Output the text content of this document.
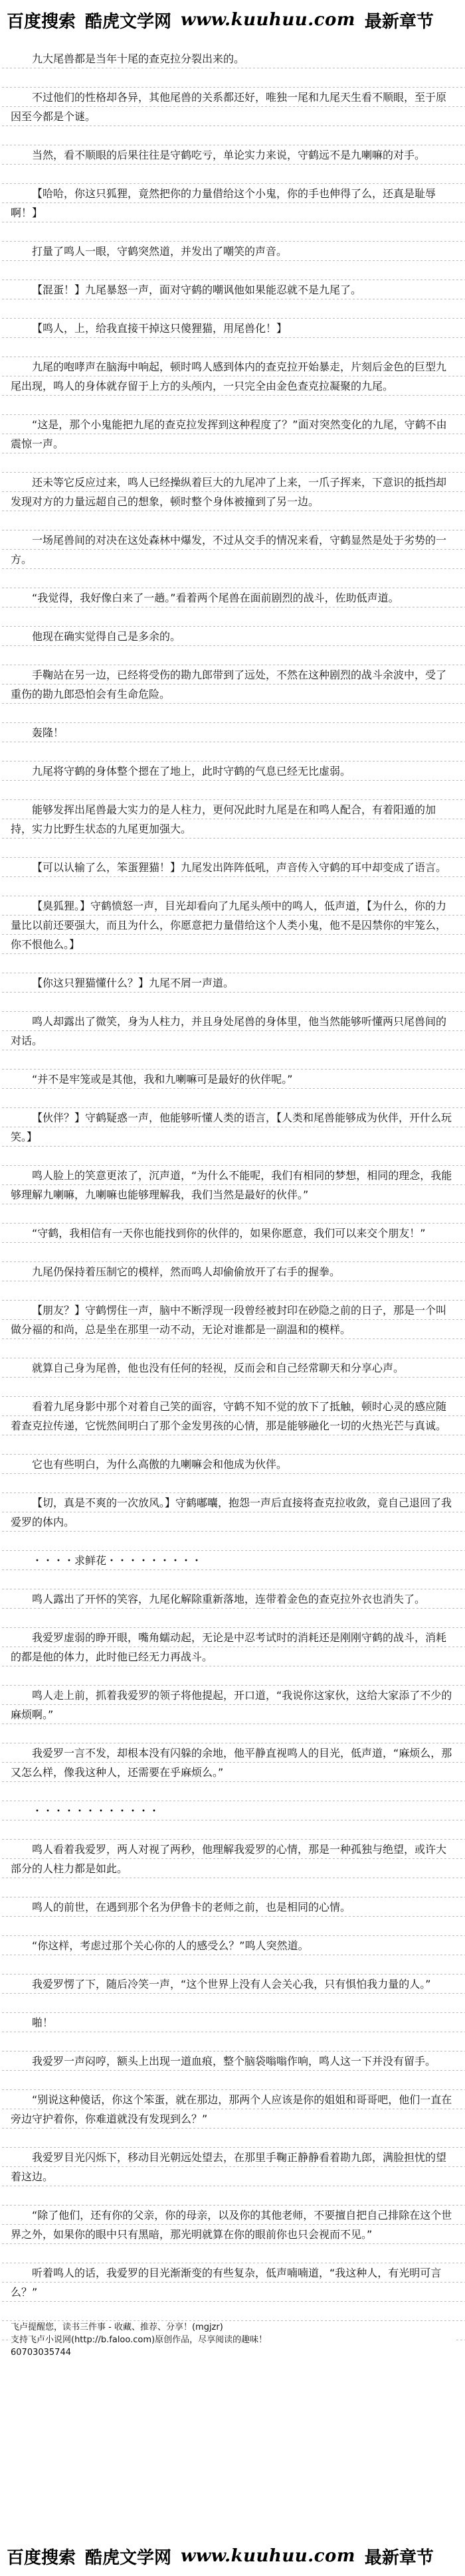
百度搜索 酷虎文学网 www.kuuhuu.com 最新章节

九大尾兽都是当年十尾的查克拉分裂出来的。

不过他们的性格却各异，其他尾兽的关系都还好，唯独一尾和九尾天生看不顺眼，至于原因至今都是个谜。

当然，看不顺眼的后果往往是守鹤吃亏，单论实力来说，守鹤远不是九喇嘛的对手。

【哈哈，你这只狐狸，竟然把你的力量借给这个小鬼，你的手也伸得了么，还真是耻辱啊！】

打量了鸣人一眼，守鹤突然道，并发出了嘲笑的声音。

【混蛋！】九尾暴怒一声，面对守鹤的嘲讽他如果能忍就不是九尾了。

【鸣人，上，给我直接干掉这只傻狸猫，用尾兽化！】

九尾的咆哮声在脑海中响起，顿时鸣人感到体内的查克拉开始暴走，片刻后金色的巨型九尾出现，鸣人的身体就存留于上方的头颅内，一只完全由金色查克拉凝聚的九尾。

“这是，那个小鬼能把九尾的查克拉发挥到这种程度了？”面对突然变化的九尾，守鹤不由震惊一声。

还未等它反应过来，鸣人已经操纵着巨大的九尾冲了上来，一爪子挥来，下意识的抵挡却发现对方的力量远超自己的想象，顿时整个身体被撞到了另一边。

一场尾兽间的对决在这处森林中爆发，不过从交手的情况来看，守鹤显然是处于劣势的一方。

“我觉得，我好像白来了一趟。”看着两个尾兽在面前剧烈的战斗，佐助低声道。

他现在确实觉得自己是多余的。

手鞠站在另一边，已经将受伤的勘九郎带到了远处，不然在这种剧烈的战斗余波中，受了重伤的勘九郎恐怕会有生命危险。

轰隆！

九尾将守鹤的身体整个摁在了地上，此时守鹤的气息已经无比虚弱。

能够发挥出尾兽最大实力的是人柱力，更何况此时九尾是在和鸣人配合，有着阳遁的加持，实力比野生状态的九尾更加强大。

【可以认输了么，笨蛋狸猫！】九尾发出阵阵低吼，声音传入守鹤的耳中却变成了语言。

【臭狐狸。】守鹤愤怒一声，目光却看向了九尾头颅中的鸣人，低声道，【为什么，你的力量比以前还要强大，而且为什么，你愿意把力量借给这个人类小鬼，他不是囚禁你的牢笼么，你不恨他么。】

【你这只狸猫懂什么？】九尾不屑一声道。

鸣人却露出了微笑，身为人柱力，并且身处尾兽的身体里，他当然能够听懂两只尾兽间的对话。

“并不是牢笼或是其他，我和九喇嘛可是最好的伙伴呢。”

【伙伴？】守鹤疑惑一声，他能够听懂人类的语言，【人类和尾兽能够成为伙伴，开什么玩笑。】

鸣人脸上的笑意更浓了，沉声道，“为什么不能呢，我们有相同的梦想，相同的理念，我能够理解九喇嘛，九喇嘛也能够理解我，我们当然是最好的伙伴。”

“守鹤，我相信有一天你也能找到你的伙伴的，如果你愿意，我们可以来交个朋友！”

九尾仍保持着压制它的模样，然而鸣人却偷偷放开了右手的握拳。

【朋友？】守鹤愣住一声，脑中不断浮现一段曾经被封印在砂隐之前的日子，那是一个叫做分福的和尚，总是坐在那里一动不动，无论对谁都是一副温和的模样。

就算自己身为尾兽，他也没有任何的轻视，反而会和自己经常聊天和分享心声。

看着九尾身影中那个对着自己笑的面容，守鹤不知不觉的放下了抵触，顿时心灵的感应随着查克拉传递，它恍然间明白了那个金发男孩的心情，那是能够融化一切的火热光芒与真诚。

它也有些明白，为什么高傲的九喇嘛会和他成为伙伴。

【切，真是不爽的一次放风。】守鹤嘟囔，抱怨一声后直接将查克拉收敛，竟自己退回了我爱罗的体内。

・・・・求鲜花・・・・・・・・・

鸣人露出了开怀的笑容，九尾化解除重新落地，连带着金色的查克拉外衣也消失了。

我爱罗虚弱的睁开眼，嘴角蠕动起，无论是中忍考试时的消耗还是刚刚守鹤的战斗，消耗的都是他的体力，此时他已经无力再战斗。

鸣人走上前，抓着我爱罗的领子将他提起，开口道，“我说你这家伙，这给大家添了不少的麻烦啊。”

我爱罗一言不发，却根本没有闪躲的余地，他平静直视鸣人的目光，低声道，“麻烦么，那又怎么样，像我这种人，还需要在乎麻烦么。”

・・・・・・・・・・・・

鸣人看着我爱罗，两人对视了两秒，他理解我爱罗的心情，那是一种孤独与绝望，或许大部分的人柱力都是如此。

鸣人的前世，在遇到那个名为伊鲁卡的老师之前，也是相同的心情。

“你这样，考虑过那个关心你的人的感受么？”鸣人突然道。

我爱罗愣了下，随后冷笑一声，“这个世界上没有人会关心我，只有惧怕我力量的人。”

啪！

我爱罗一声闷哼，额头上出现一道血痕，整个脑袋嗡嗡作响，鸣人这一下并没有留手。

“别说这种傻话，你这个笨蛋，就在那边，那两个人应该是你的姐姐和哥哥吧，他们一直在旁边守护着你，你难道就没有发现到么？”

我爱罗目光闪烁下，移动目光朝远处望去，在那里手鞠正静静看着勘九郎，满脸担忧的望着这边。

“除了他们，还有你的父亲，你的母亲，以及你的其他老师，不要擅自把自己排除在这个世界之外，如果你的眼中只有黑暗，那光明就算在你的眼前你也只会视而不见。”

听着鸣人的话，我爱罗的目光渐渐变的有些复杂，低声喃喃道，“我这种人，有光明可言么？”

飞卢提醒您，读书三件事 - 收藏、推荐、分享！(mgjzr)
支持飞卢小说网(http://b.faloo.com)原创作品，尽享阅读的趣味！
60703035744
百度搜索 酷虎文学网 www.kuuhuu.com 最新章节
